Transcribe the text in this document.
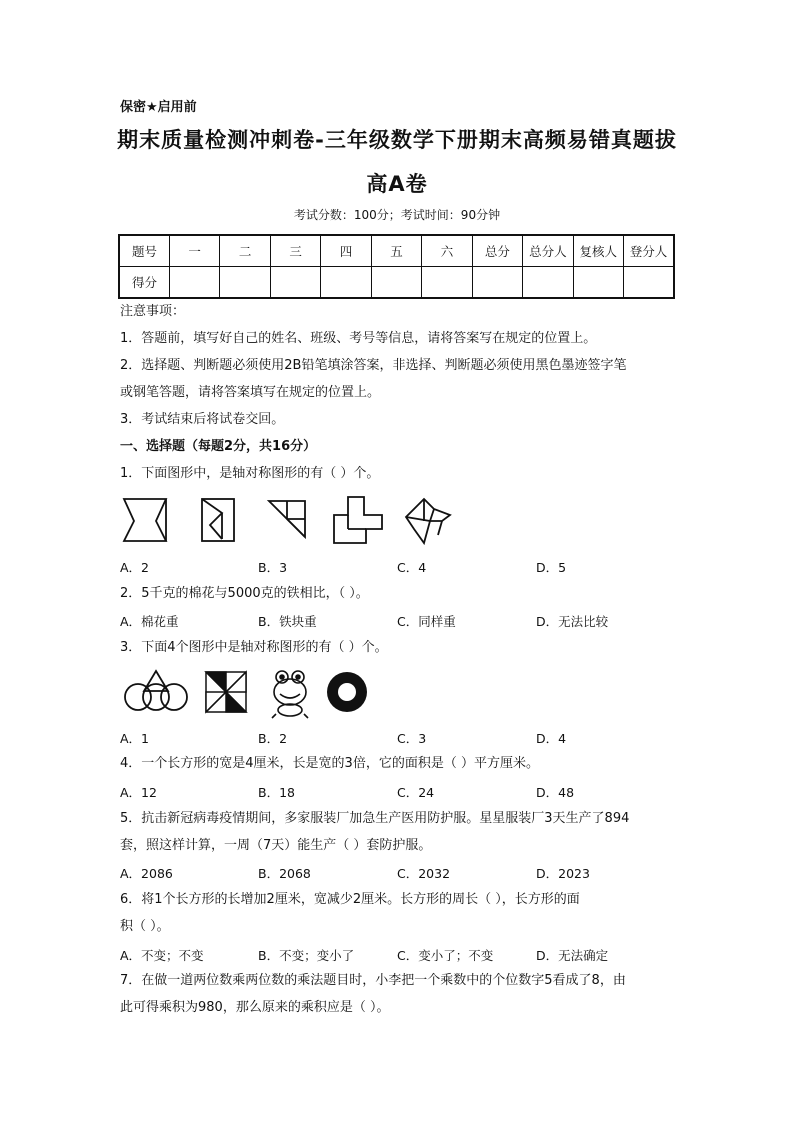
保密★启用前
期末质量检测冲刺卷-三年级数学下册期末高频易错真题拔
高A卷
考试分数：100分；考试时间：90分钟
题号	一	二	三	四	五	六	总分	总分人	复核人	登分人
得分										
注意事项：
1．答题前，填写好自己的姓名、班级、考号等信息，请将答案写在规定的位置上。
2．选择题、判断题必须使用2B铅笔填涂答案，非选择、判断题必须使用黑色墨迹签字笔
或钢笔答题，请将答案填写在规定的位置上。
3．考试结束后将试卷交回。
一、选择题（每题2分，共16分）
1．下面图形中，是轴对称图形的有（ ）个。
A．2	B．3	C．4	D．5
2．5千克的棉花与5000克的铁相比，（ ）。
A．棉花重	B．铁块重	C．同样重	D．无法比较
3．下面4个图形中是轴对称图形的有（ ）个。
A．1	B．2	C．3	D．4
4．一个长方形的宽是4厘米，长是宽的3倍，它的面积是（ ）平方厘米。
A．12	B．18	C．24	D．48
5．抗击新冠病毒疫情期间，多家服装厂加急生产医用防护服。星星服装厂3天生产了894
套，照这样计算，一周（7天）能生产（ ）套防护服。
A．2086	B．2068	C．2032	D．2023
6．将1个长方形的长增加2厘米，宽减少2厘米。长方形的周长（ ），长方形的面
积（ ）。
A．不变；不变	B．不变；变小了	C．变小了；不变	D．无法确定
7．在做一道两位数乘两位数的乘法题目时，小李把一个乘数中的个位数字5看成了8，由
此可得乘积为980，那么原来的乘积应是（ ）。
